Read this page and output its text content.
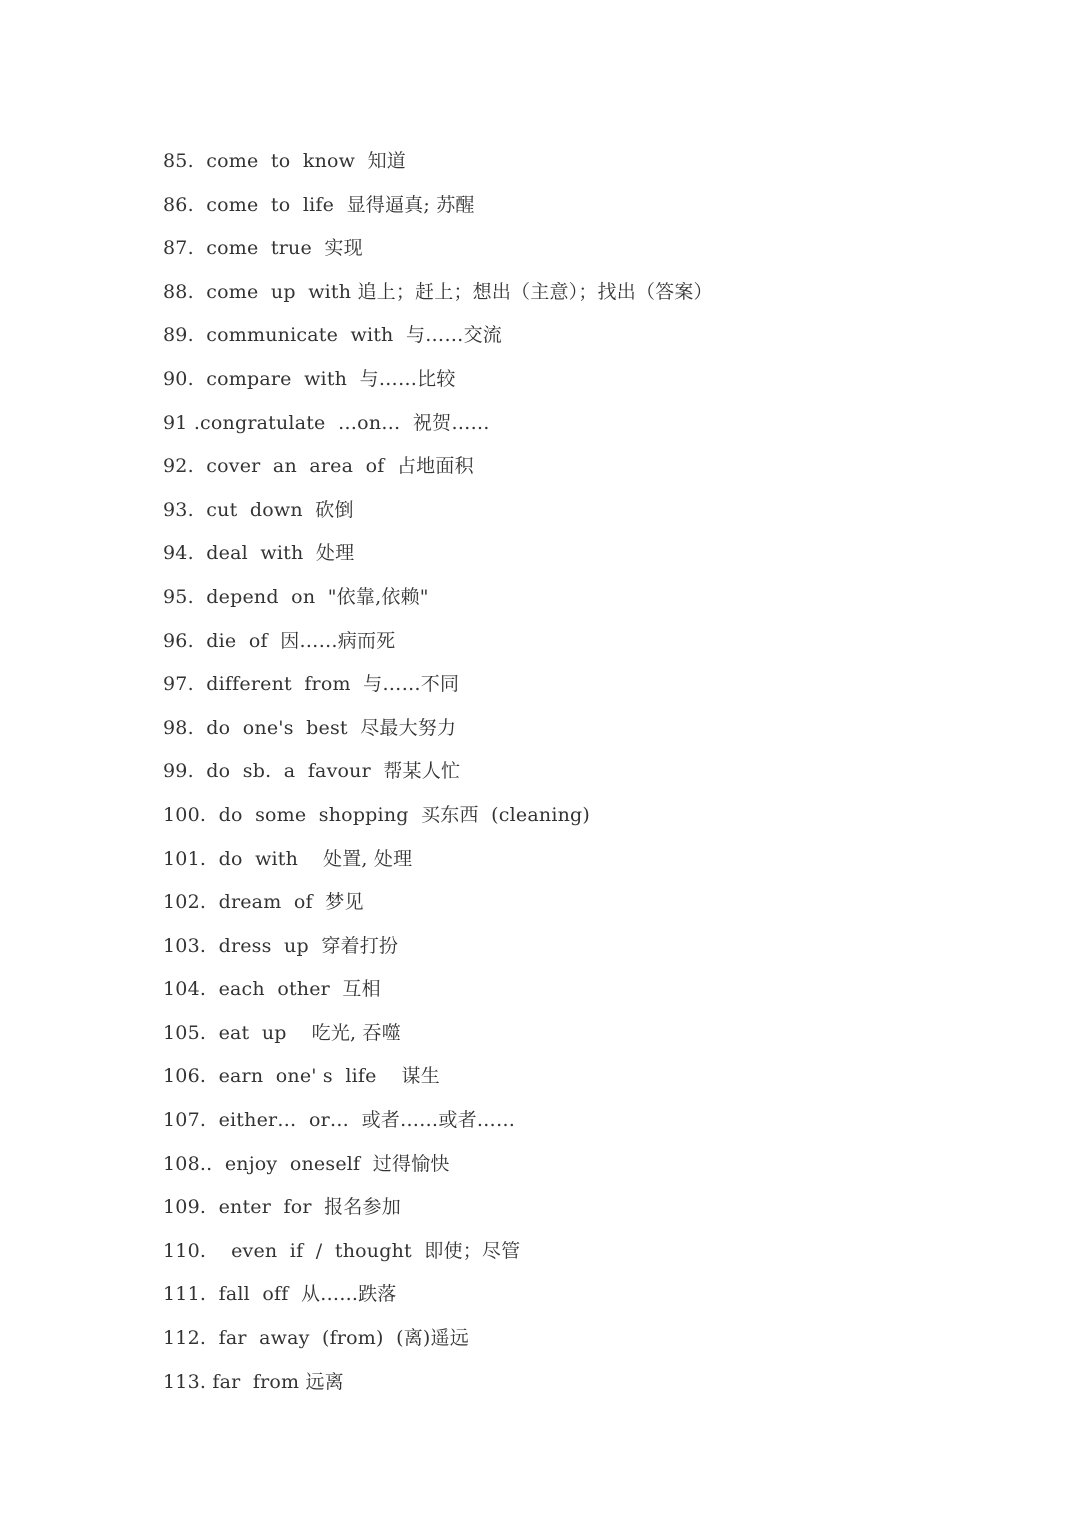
85.  come  to  know  知道
86.  come  to  life  显得逼真; 苏醒
87.  come  true  实现
88.  come  up  with 追上；赶上；想出（主意）；找出（答案）
89.  communicate  with  与……交流
90.  compare  with  与……比较
91 .congratulate  …on…  祝贺……
92.  cover  an  area  of  占地面积
93.  cut  down  砍倒
94.  deal  with  处理
95.  depend  on  "依靠,依赖"
96.  die  of  因……病而死
97.  different  from  与……不同
98.  do  one's  best  尽最大努力
99.  do  sb.  a  favour  帮某人忙
100.  do  some  shopping  买东西  (cleaning)
101.  do  with    处置, 处理
102.  dream  of  梦见
103.  dress  up  穿着打扮
104.  each  other  互相
105.  eat  up    吃光, 吞噬
106.  earn  one' s  life    谋生
107.  either…  or…  或者……或者……
108..  enjoy  oneself  过得愉快
109.  enter  for  报名参加
110.    even  if  /  thought  即使；尽管
111.  fall  off  从…...跌落
112.  far  away  (from)  (离)遥远
113. far  from 远离
